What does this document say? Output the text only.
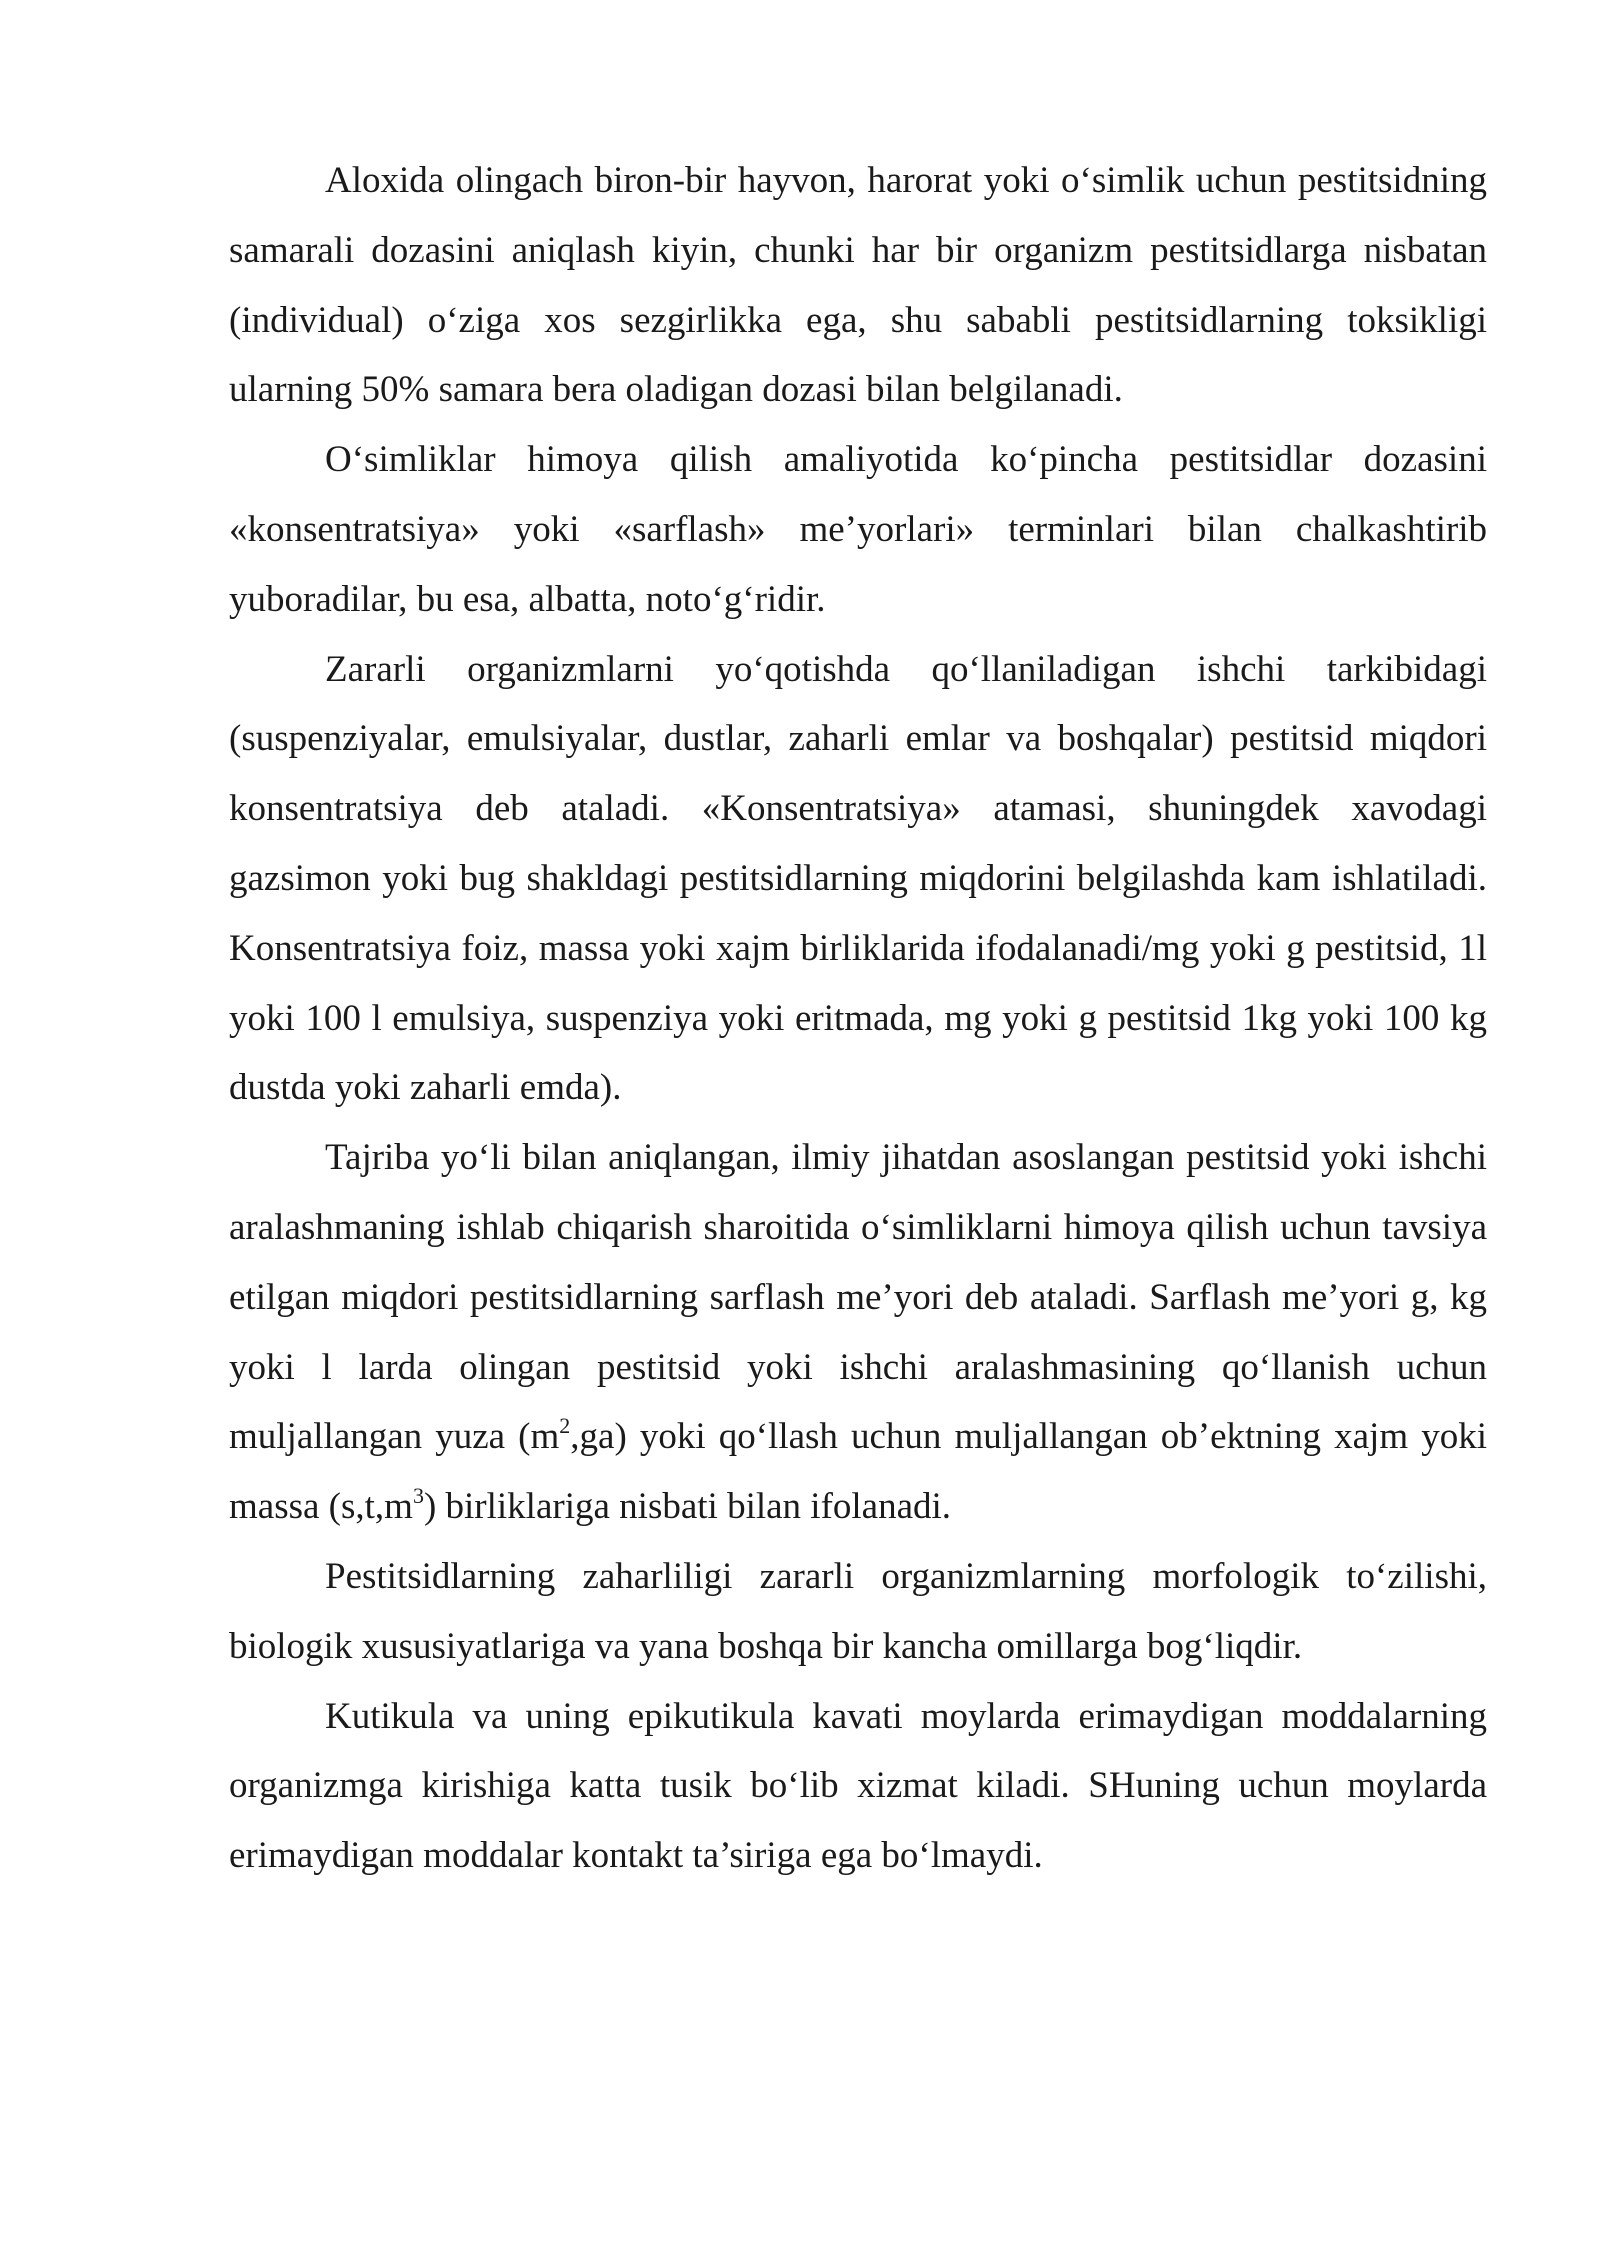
Aloxida olingach biron-bir hayvon, harorat yoki o‘simlik uchun pestitsidning samarali dozasini aniqlash kiyin, chunki har bir organizm pestitsidlarga nisbatan (individual) o‘ziga xos sezgirlikka ega, shu sababli pestitsidlarning toksikligi ularning 50% samara bera oladigan dozasi bilan belgilanadi.

O‘simliklar himoya qilish amaliyotida ko‘pincha pestitsidlar dozasini «konsentratsiya» yoki «sarflash» me’yorlari» terminlari bilan chalkashtirib yuboradilar, bu esa, albatta, noto‘g‘ridir.

Zararli organizmlarni yo‘qotishda qo‘llaniladigan ishchi tarkibidagi (suspenziyalar, emulsiyalar, dustlar, zaharli emlar va boshqalar) pestitsid miqdori konsentratsiya deb ataladi. «Konsentratsiya» atamasi, shuningdek xavodagi gazsimon yoki bug shakldagi pestitsidlarning miqdorini belgilashda kam ishlatiladi. Konsentratsiya foiz, massa yoki xajm birliklarida ifodalanadi/mg yoki g pestitsid, 1l yoki 100 l emulsiya, suspenziya yoki eritmada, mg yoki g pestitsid 1kg yoki 100 kg dustda yoki zaharli emda).

Tajriba yo‘li bilan aniqlangan, ilmiy jihatdan asoslangan pestitsid yoki ishchi aralashmaning ishlab chiqarish sharoitida o‘simliklarni himoya qilish uchun tavsiya etilgan miqdori pestitsidlarning sarflash me’yori deb ataladi. Sarflash me’yori g, kg yoki l larda olingan pestitsid yoki ishchi aralashmasining qo‘llanish uchun muljallangan yuza $(m^2,ga)$ yoki qo‘llash uchun muljallangan ob’ektning xajm yoki massa $(s,t,m^3)$ birliklariga nisbati bilan ifolanadi.

Pestitsidlarning zaharliligi zararli organizmlarning morfologik to‘zilishi, biologik xususiyatlariga va yana boshqa bir kancha omillarga bog‘liqdir.

Kutikula va uning epikutikula kavati moylarda erimaydigan moddalarning organizmga kirishiga katta tusik bo‘lib xizmat kiladi. SHuning uchun moylarda erimaydigan moddalar kontakt ta’siriga ega bo‘lmaydi.
